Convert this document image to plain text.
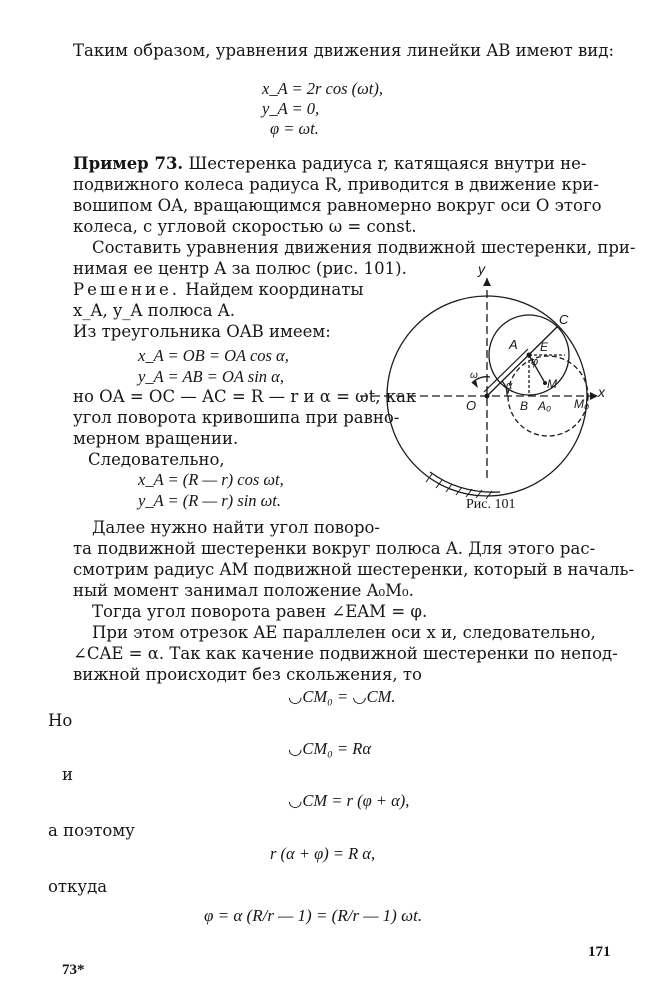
Таким образом, уравнения движения линейки AB имеют вид:
x_A = 2r cos (ωt),
y_A = 0,
φ = ωt.
Пример 73. Шестеренка радиуса r, катящаяся внутри не-
подвижного колеса радиуса R, приводится в движение кри-
вошипом OA, вращающимся равномерно вокруг оси O этого
колеса, с угловой скоростью ω = const.
Составить уравнения движения подвижной шестеренки, при-
нимая ее центр A за полюс (рис. 101).
Решение. Найдем координаты
x_A, y_A полюса A.
Из треугольника OAB имеем:
x_A = OB = OA cos α,
y_A = AB = OA sin α,
но OA = OC — AC = R — r и α = ωt, как
угол поворота кривошипа при равно-
мерном вращении.
Следовательно,
x_A = (R — r) cos ωt,
y_A = (R — r) sin ωt.
Далее нужно найти угол поворо-
та подвижной шестеренки вокруг полюса A. Для этого рас-
смотрим радиус AM подвижной шестеренки, который в началь-
ный момент занимал положение A₀M₀.
Тогда угол поворота равен ∠EAM = φ.
При этом отрезок AE параллелен оси x и, следовательно,
∠CAE = α. Так как качение подвижной шестеренки по непод-
вижной происходит без скольжения, то
◡CM₀ = ◡CM.
Но
◡CM₀ = Rα
и
◡CM = r (φ + α),
а поэтому
r (α + φ) = R α,
откуда
φ = α (R/r — 1) = (R/r — 1) ωt.
y
x
O
C
A E
M
B A₀ M₀
φ
α
ω
Рис. 101
171
73*
